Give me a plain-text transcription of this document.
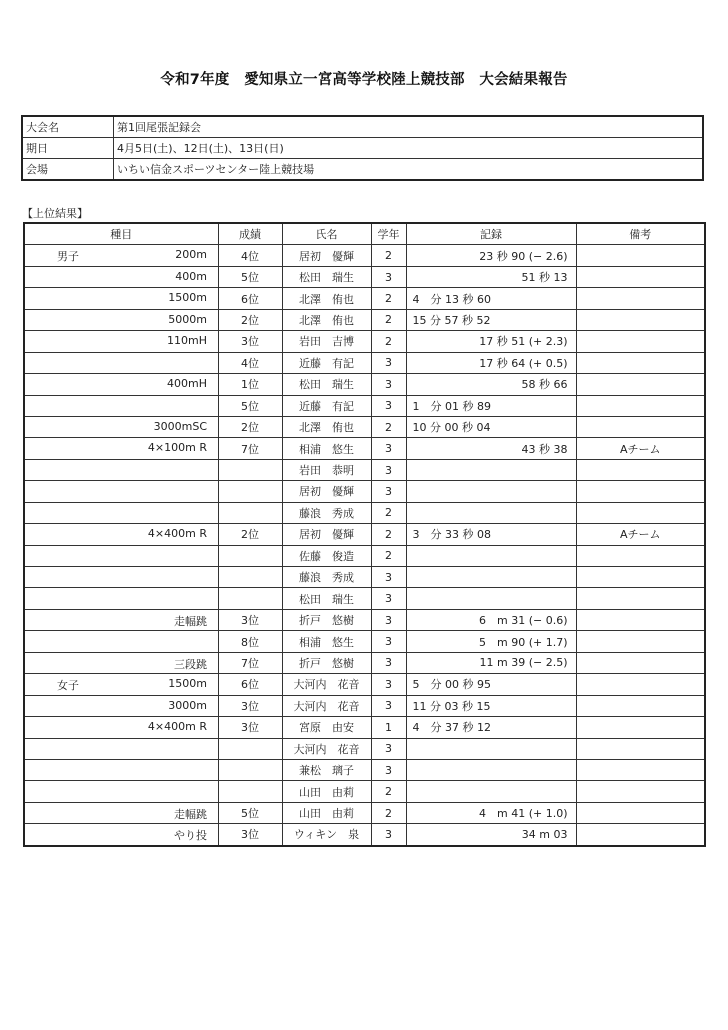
令和7年度　愛知県立一宮高等学校陸上競技部　大会結果報告
大会名	第1回尾張記録会
期日	4月5日(土)、12日(土)、13日(日)
会場	いちい信金スポーツセンター陸上競技場
【上位結果】
種目	成績	氏名	学年	記録	備考

男子 200m	4位	居初　優輝	2	23 秒 90 (− 2.6)	

400m	5位	松田　瑞生	3	51 秒 13	

1500m	6位	北澤　侑也	2	4　分 13 秒 60	

5000m	2位	北澤　侑也	2	15 分 57 秒 52	

110mH	3位	岩田　吉博	2	17 秒 51 (+ 2.3)	

	4位	近藤　有記	3	17 秒 64 (+ 0.5)	

400mH	1位	松田　瑞生	3	58 秒 66	

	5位	近藤　有記	3	1　分 01 秒 89	

3000mSC	2位	北澤　侑也	2	10 分 00 秒 04	

4×100m R	7位	相浦　悠生	3	43 秒 38	Aチーム

		岩田　恭明	3		

		居初　優輝	3		

		藤浪　秀成	2		

4×400m R	2位	居初　優輝	2	3　分 33 秒 08	Aチーム

		佐藤　俊造	2		

		藤浪　秀成	3		

		松田　瑞生	3		

走幅跳	3位	折戸　悠樹	3	6　m 31 (− 0.6)	

	8位	相浦　悠生	3	5　m 90 (+ 1.7)	

三段跳	7位	折戸　悠樹	3	11 m 39 (− 2.5)	

女子 1500m	6位	大河内　花音	3	5　分 00 秒 95	

3000m	3位	大河内　花音	3	11 分 03 秒 15	

4×400m R	3位	宮原　由安	1	4　分 37 秒 12	

		大河内　花音	3		

		兼松　璃子	3		

		山田　由莉	2		

走幅跳	5位	山田　由莉	2	4　m 41 (+ 1.0)	

やり投	3位	ウィキン　泉	3	34 m 03	
